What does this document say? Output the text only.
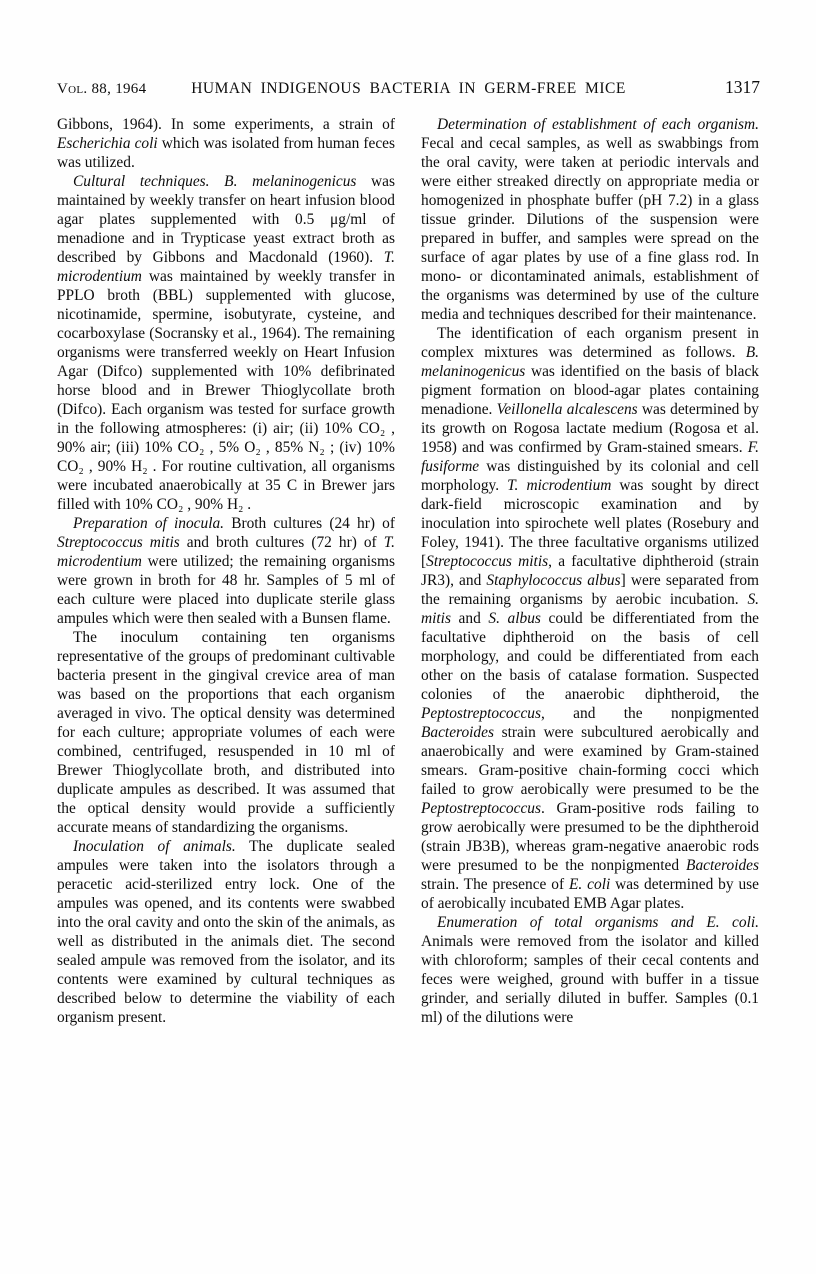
Vol. 88, 1964	HUMAN INDIGENOUS BACTERIA IN GERM-FREE MICE	1317

Gibbons, 1964). In some experiments, a strain of Escherichia coli which was isolated from human feces was utilized.

Cultural techniques. B. melaninogenicus was maintained by weekly transfer on heart infusion blood agar plates supplemented with 0.5 μg/ml of menadione and in Trypticase yeast extract broth as described by Gibbons and Macdonald (1960). T. microdentium was maintained by weekly transfer in PPLO broth (BBL) supplemented with glucose, nicotinamide, spermine, isobutyrate, cysteine, and cocarboxylase (Socransky et al., 1964). The remaining organisms were transferred weekly on Heart Infusion Agar (Difco) supplemented with 10% defibrinated horse blood and in Brewer Thioglycollate broth (Difco). Each organism was tested for surface growth in the following atmospheres: (i) air; (ii) 10% CO₂ , 90% air; (iii) 10% CO₂ , 5% O₂ , 85% N₂ ; (iv) 10% CO₂ , 90% H₂ . For routine cultivation, all organisms were incubated anaerobically at 35 C in Brewer jars filled with 10% CO₂ , 90% H₂ .

Preparation of inocula. Broth cultures (24 hr) of Streptococcus mitis and broth cultures (72 hr) of T. microdentium were utilized; the remaining organisms were grown in broth for 48 hr. Samples of 5 ml of each culture were placed into duplicate sterile glass ampules which were then sealed with a Bunsen flame.

The inoculum containing ten organisms representative of the groups of predominant cultivable bacteria present in the gingival crevice area of man was based on the proportions that each organism averaged in vivo. The optical density was determined for each culture; appropriate volumes of each were combined, centrifuged, resuspended in 10 ml of Brewer Thioglycollate broth, and distributed into duplicate ampules as described. It was assumed that the optical density would provide a sufficiently accurate means of standardizing the organisms.

Inoculation of animals. The duplicate sealed ampules were taken into the isolators through a peracetic acid-sterilized entry lock. One of the ampules was opened, and its contents were swabbed into the oral cavity and onto the skin of the animals, as well as distributed in the animals diet. The second sealed ampule was removed from the isolator, and its contents were examined by cultural techniques as described below to determine the viability of each organism present.

Determination of establishment of each organism. Fecal and cecal samples, as well as swabbings from the oral cavity, were taken at periodic intervals and were either streaked directly on appropriate media or homogenized in phosphate buffer (pH 7.2) in a glass tissue grinder. Dilutions of the suspension were prepared in buffer, and samples were spread on the surface of agar plates by use of a fine glass rod. In mono- or dicontaminated animals, establishment of the organisms was determined by use of the culture media and techniques described for their maintenance.

The identification of each organism present in complex mixtures was determined as follows. B. melaninogenicus was identified on the basis of black pigment formation on blood-agar plates containing menadione. Veillonella alcalescens was determined by its growth on Rogosa lactate medium (Rogosa et al. 1958) and was confirmed by Gram-stained smears. F. fusiforme was distinguished by its colonial and cell morphology. T. microdentium was sought by direct dark-field microscopic examination and by inoculation into spirochete well plates (Rosebury and Foley, 1941). The three facultative organisms utilized [Streptococcus mitis, a facultative diphtheroid (strain JR3), and Staphylococcus albus] were separated from the remaining organisms by aerobic incubation. S. mitis and S. albus could be differentiated from the facultative diphtheroid on the basis of cell morphology, and could be differentiated from each other on the basis of catalase formation. Suspected colonies of the anaerobic diphtheroid, the Peptostreptococcus, and the nonpigmented Bacteroides strain were subcultured aerobically and anaerobically and were examined by Gram-stained smears. Gram-positive chain-forming cocci which failed to grow aerobically were presumed to be the Peptostreptococcus. Gram-positive rods failing to grow aerobically were presumed to be the diphtheroid (strain JB3B), whereas gram-negative anaerobic rods were presumed to be the nonpigmented Bacteroides strain. The presence of E. coli was determined by use of aerobically incubated EMB Agar plates.

Enumeration of total organisms and E. coli. Animals were removed from the isolator and killed with chloroform; samples of their cecal contents and feces were weighed, ground with buffer in a tissue grinder, and serially diluted in buffer. Samples (0.1 ml) of the dilutions were
